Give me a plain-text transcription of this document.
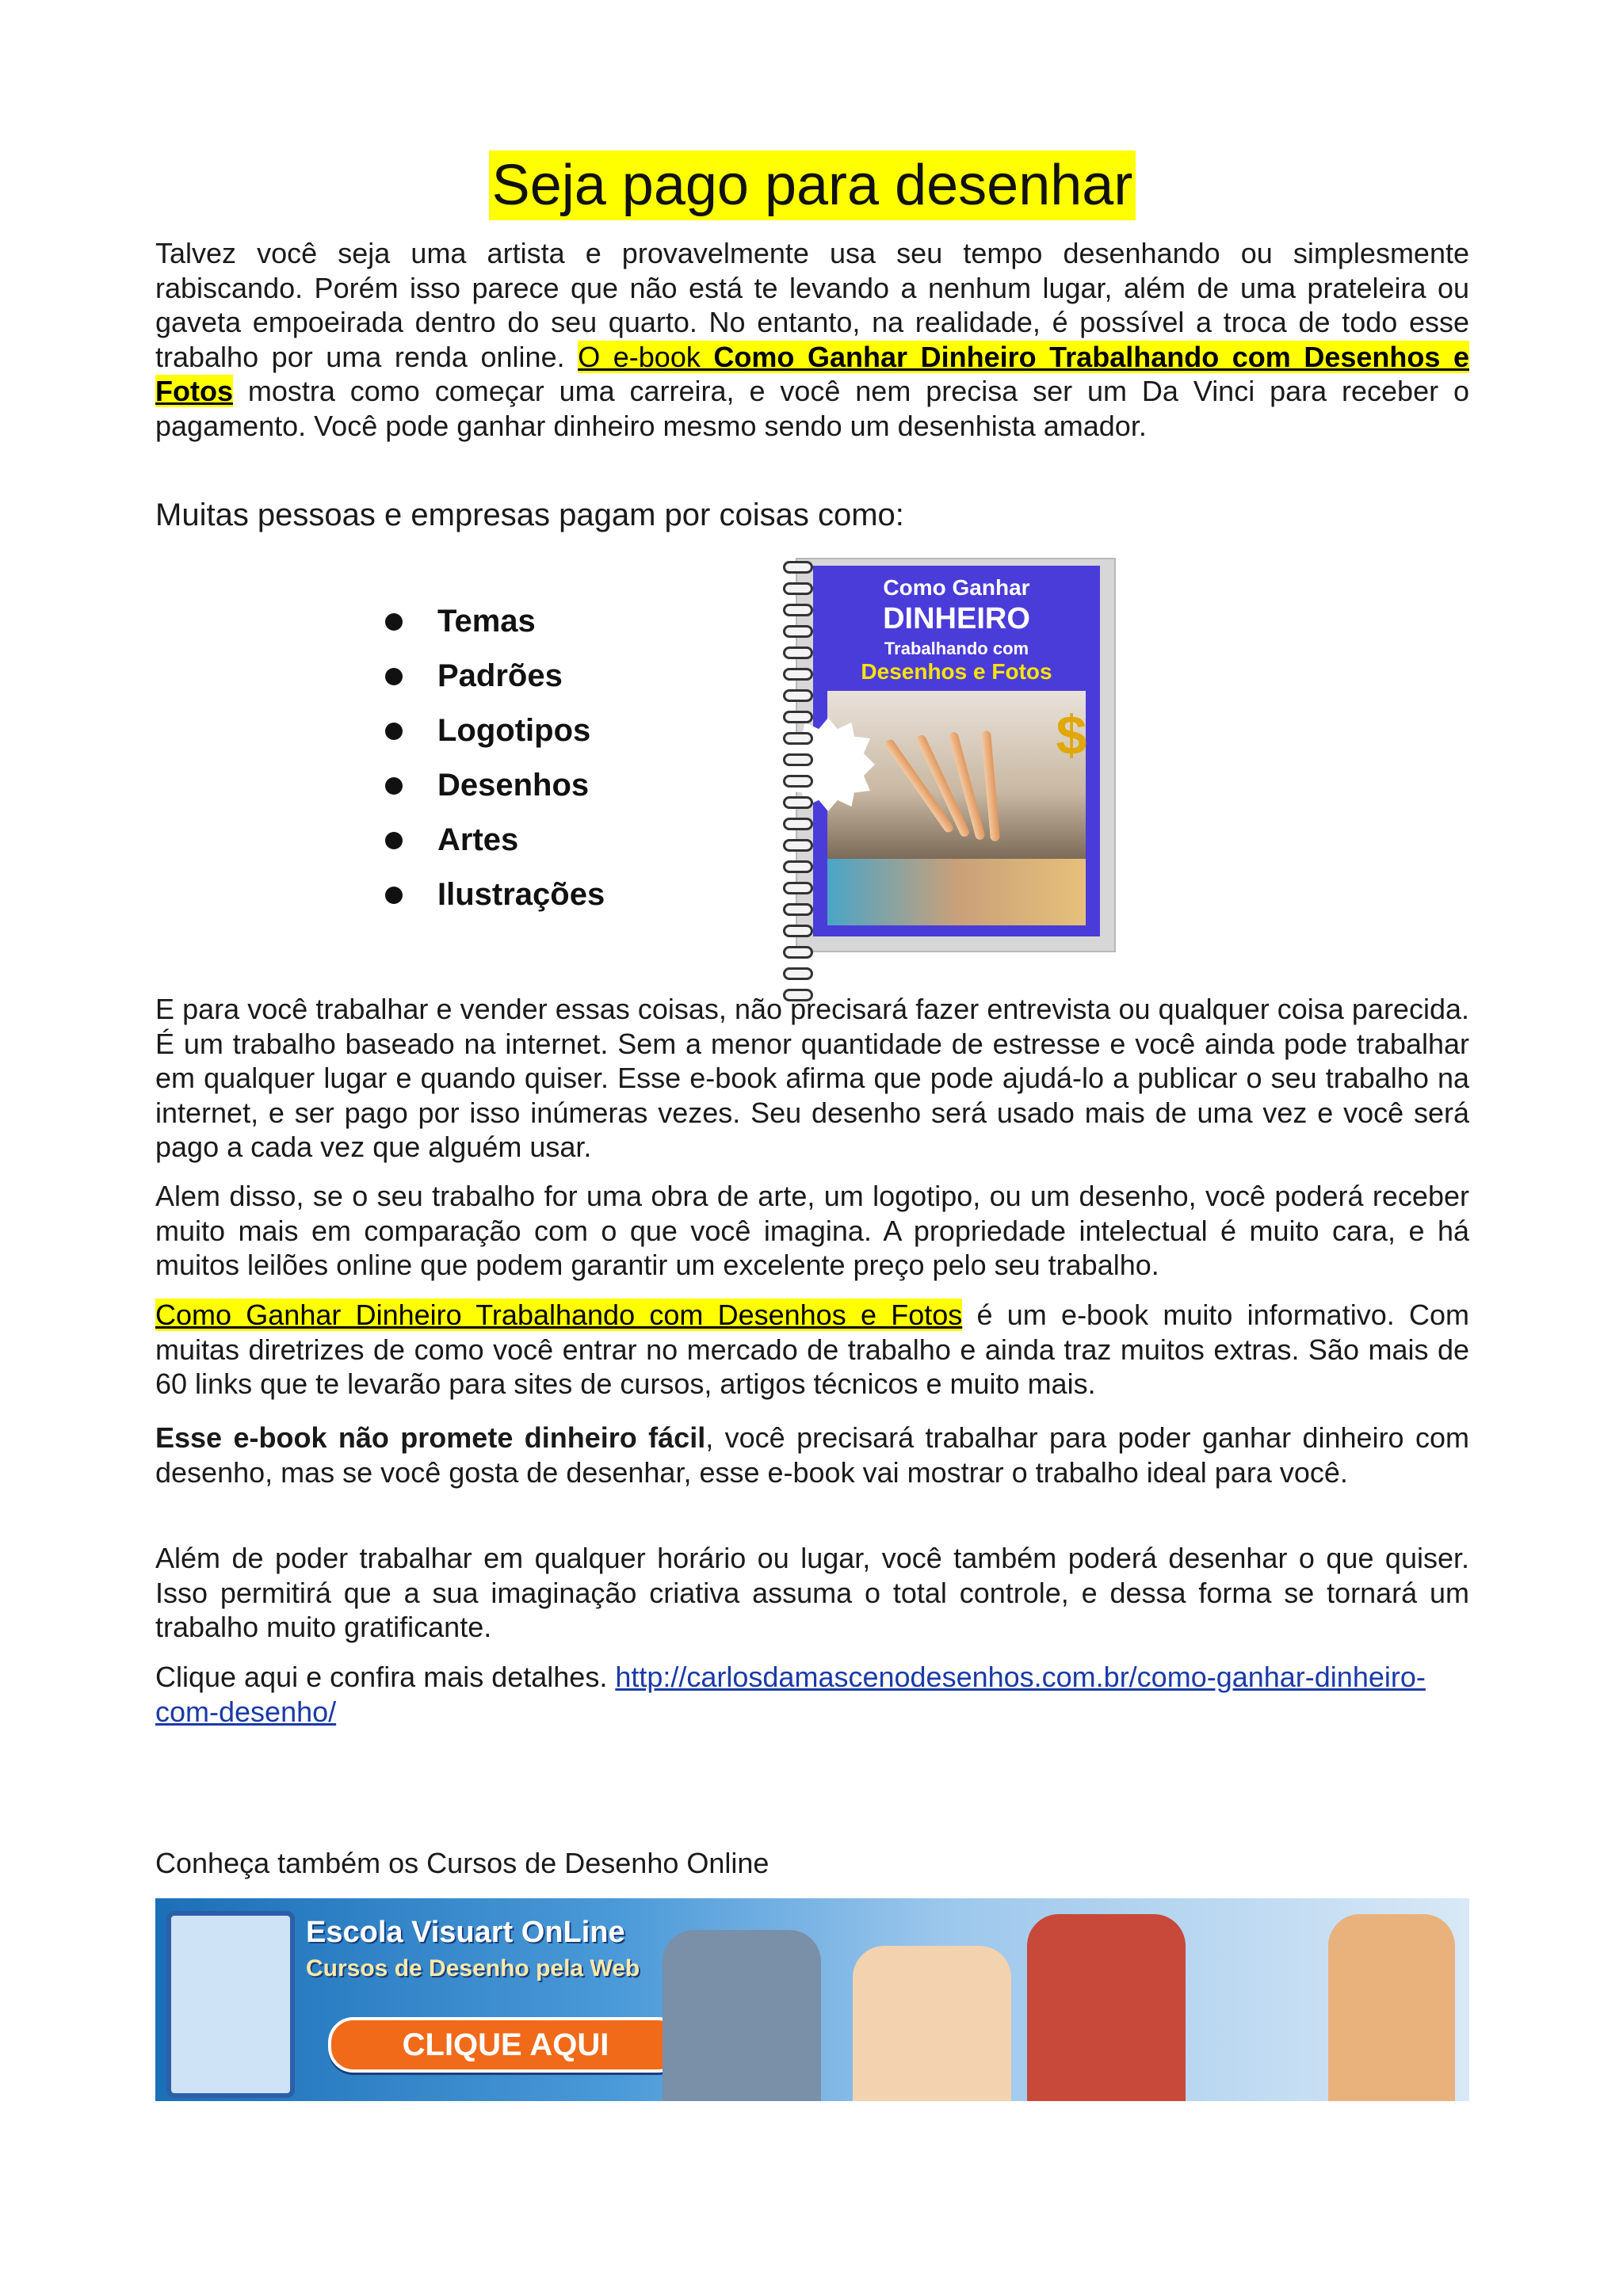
Seja pago para desenhar

Talvez você seja uma artista e provavelmente usa seu tempo desenhando ou simplesmente rabiscando. Porém isso parece que não está te levando a nenhum lugar, além de uma prateleira ou gaveta empoeirada dentro do seu quarto. No entanto, na realidade, é possível a troca de todo esse trabalho por uma renda online. O e-book Como Ganhar Dinheiro Trabalhando com Desenhos e Fotos mostra como começar uma carreira, e você nem precisa ser um Da Vinci para receber o pagamento. Você pode ganhar dinheiro mesmo sendo um desenhista amador.

Muitas pessoas e empresas pagam por coisas como:
Temas
Padrões
Logotipos
Desenhos
Artes
Ilustrações
Como Ganhar
DINHEIRO
Trabalhando com
Desenhos e Fotos
$

E para você trabalhar e vender essas coisas, não precisará fazer entrevista ou qualquer coisa parecida. É um trabalho baseado na internet. Sem a menor quantidade de estresse e você ainda pode trabalhar em qualquer lugar e quando quiser. Esse e-book afirma que pode ajudá-lo a publicar o seu trabalho na internet, e ser pago por isso inúmeras vezes. Seu desenho será usado mais de uma vez e você será pago a cada vez que alguém usar.

Alem disso, se o seu trabalho for uma obra de arte, um logotipo, ou um desenho, você poderá receber muito mais em comparação com o que você imagina. A propriedade intelectual é muito cara, e há muitos leilões online que podem garantir um excelente preço pelo seu trabalho.

Como Ganhar Dinheiro Trabalhando com Desenhos e Fotos é um e-book muito informativo. Com muitas diretrizes de como você entrar no mercado de trabalho e ainda traz muitos extras. São mais de 60 links que te levarão para sites de cursos, artigos técnicos e muito mais.

Esse e-book não promete dinheiro fácil, você precisará trabalhar para poder ganhar dinheiro com desenho, mas se você gosta de desenhar, esse e-book vai mostrar o trabalho ideal para você.

Além de poder trabalhar em qualquer horário ou lugar, você também poderá desenhar o que quiser. Isso permitirá que a sua imaginação criativa assuma o total controle, e dessa forma se tornará um trabalho muito gratificante.

Clique aqui e confira mais detalhes. http://carlosdamascenodesenhos.com.br/como-ganhar-dinheiro-com-desenho/

Conheça também os Cursos de Desenho Online
Escola Visuart OnLine
Cursos de Desenho pela Web
CLIQUE AQUI
